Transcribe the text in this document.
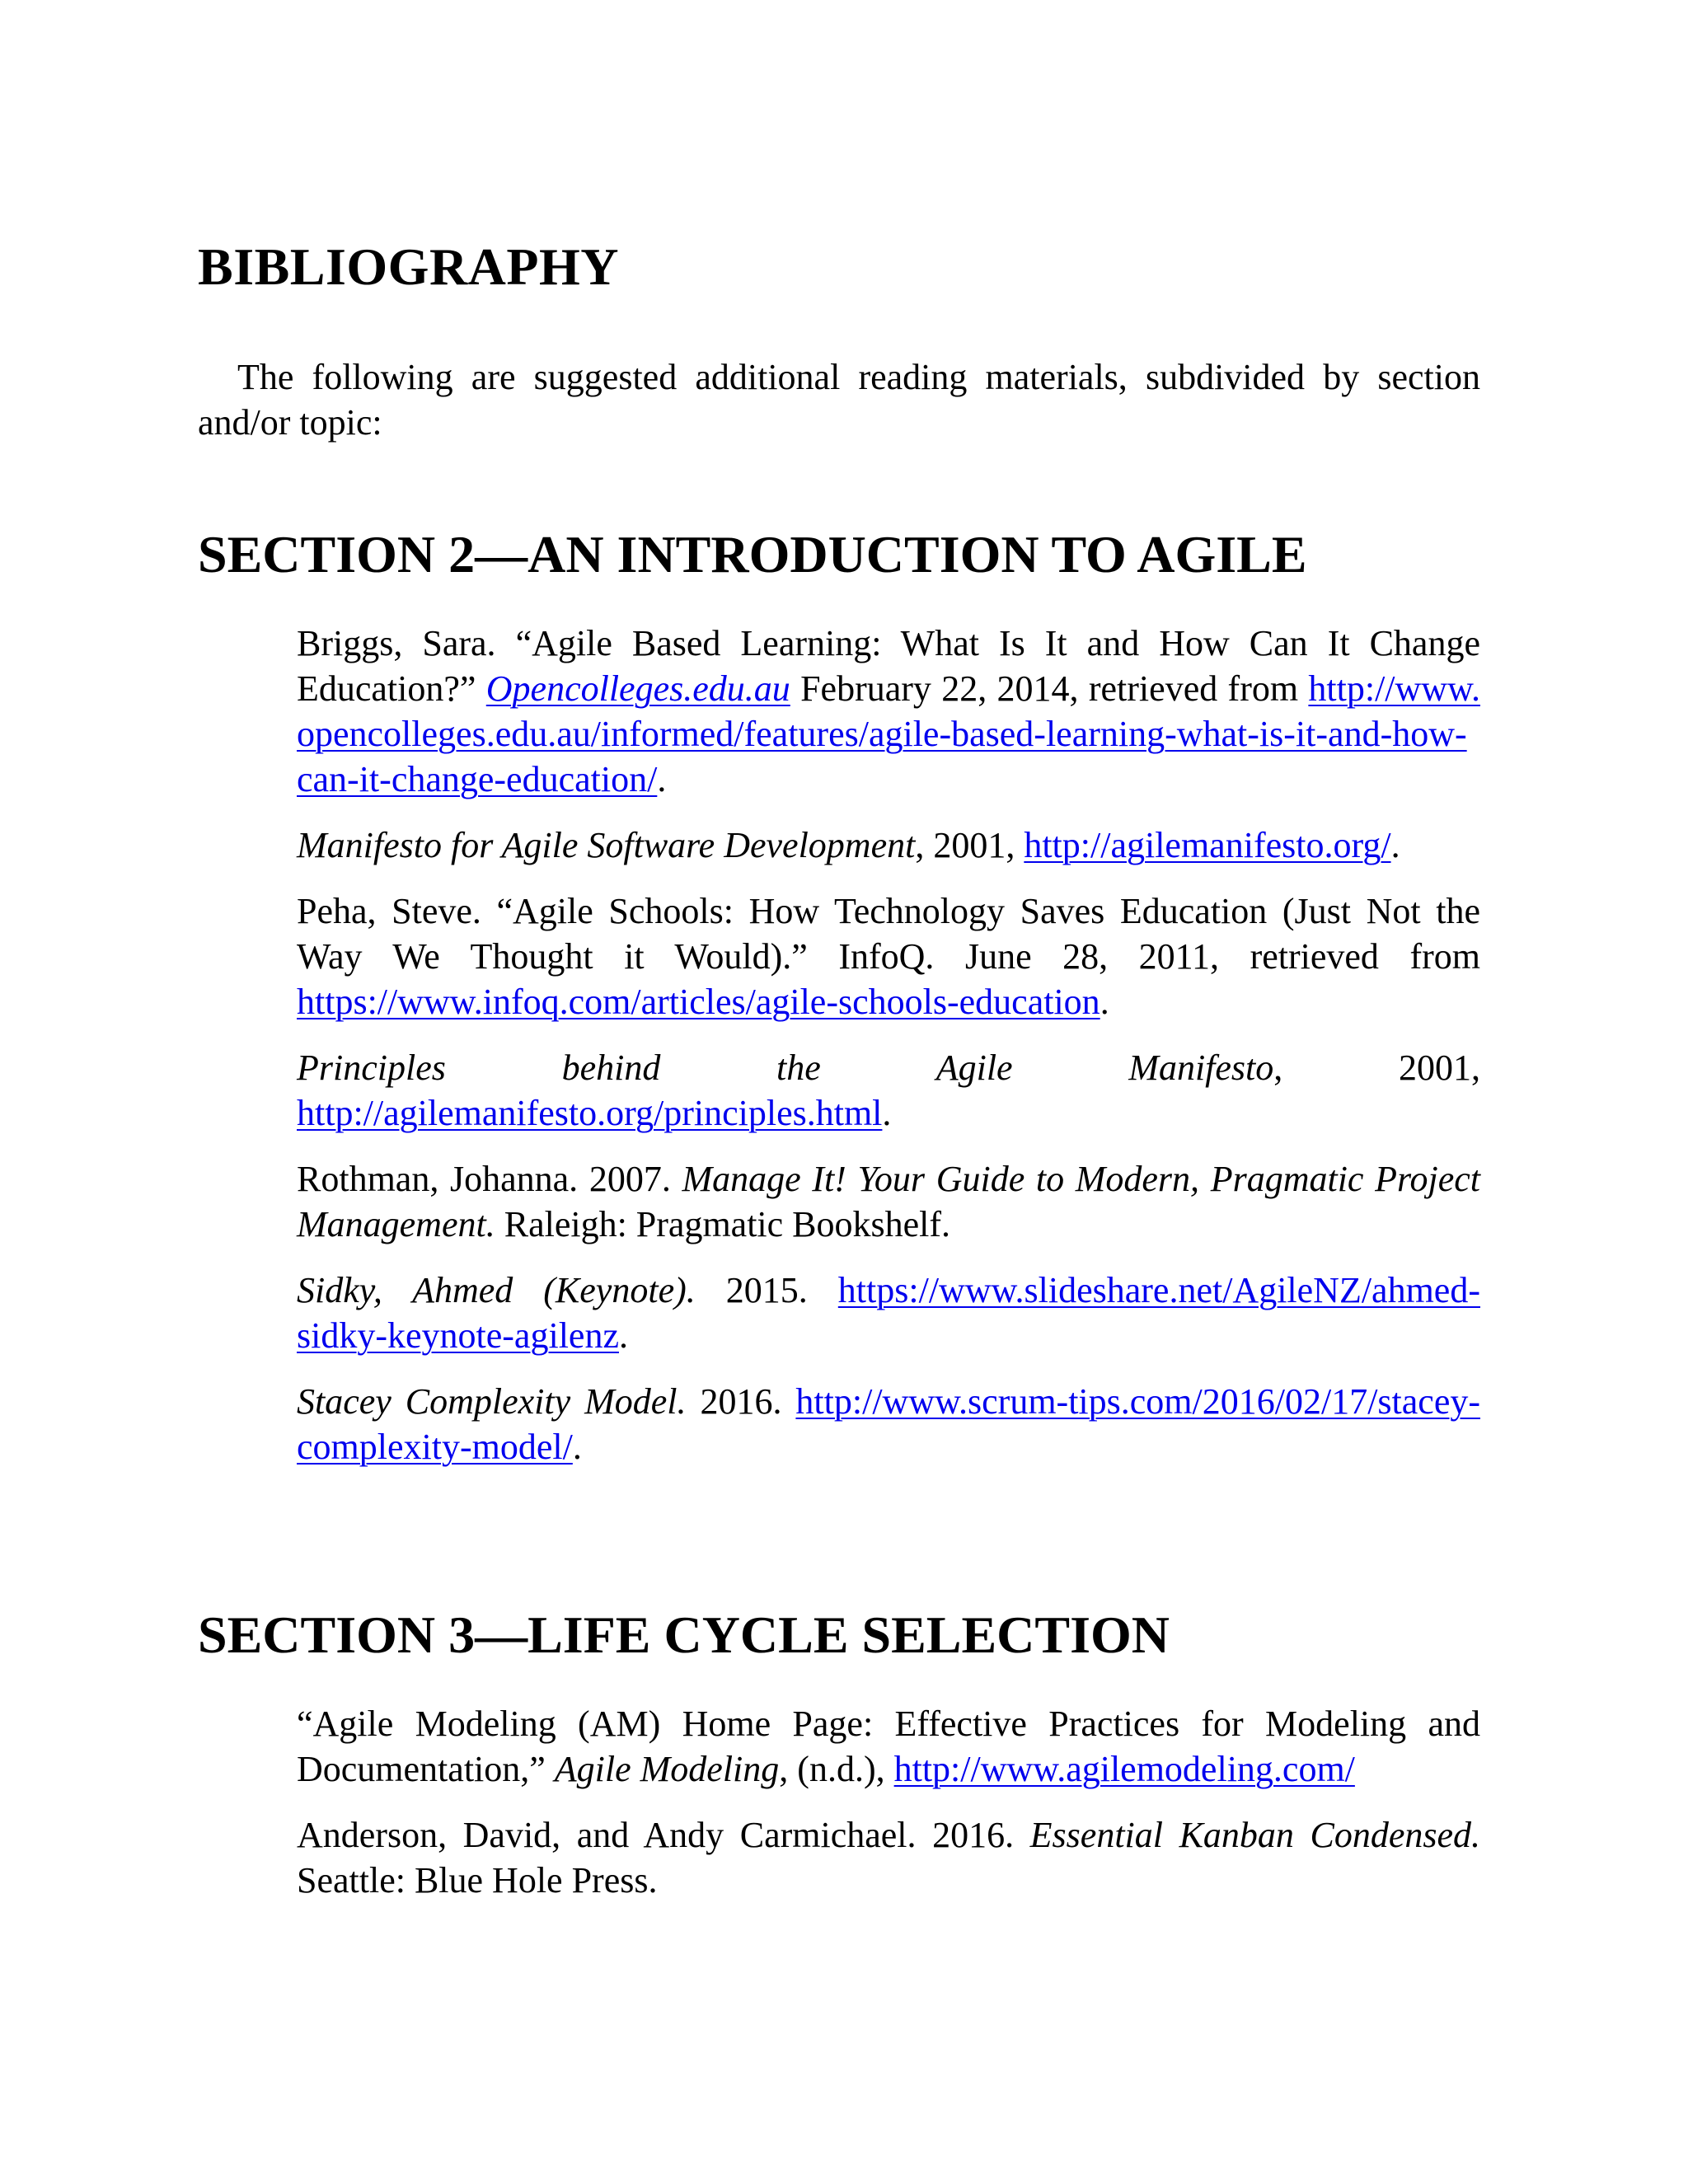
BIBLIOGRAPHY

The following are suggested additional reading materials, subdivided by section and/or topic:

SECTION 2—AN INTRODUCTION TO AGILE

Briggs, Sara. “Agile Based Learning: What Is It and How Can It Change Education?” Opencolleges.edu.au February 22, 2014, retrieved from http://www.opencolleges.edu.au/informed/features/agile-based-learning-what-is-it-and-how-can-it-change-education/.

Manifesto for Agile Software Development, 2001, http://agilemanifesto.org/.

Peha, Steve. “Agile Schools: How Technology Saves Education (Just Not the Way We Thought it Would).” InfoQ. June 28, 2011, retrieved from https://www.infoq.com/articles/agile-schools-education.

Principles behind the Agile Manifesto, 2001, http://agilemanifesto.org/principles.html.

Rothman, Johanna. 2007. Manage It! Your Guide to Modern, Pragmatic Project Management. Raleigh: Pragmatic Bookshelf.

Sidky, Ahmed (Keynote). 2015. https://www.slideshare.net/AgileNZ/ahmed-sidky-keynote-agilenz.

Stacey Complexity Model. 2016. http://www.scrum-tips.com/2016/02/17/stacey-complexity-model/.

SECTION 3—LIFE CYCLE SELECTION

“Agile Modeling (AM) Home Page: Effective Practices for Modeling and Documentation,” Agile Modeling, (n.d.), http://www.agilemodeling.com/

Anderson, David, and Andy Carmichael. 2016. Essential Kanban Condensed. Seattle: Blue Hole Press.
